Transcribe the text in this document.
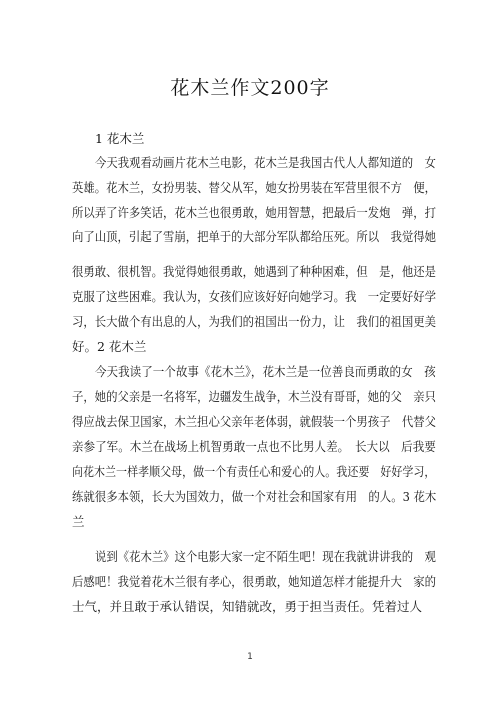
花木兰作文200字
1 花木兰
今天我观看动画片花木兰电影，花木兰是我国古代人人都知道的　女
英雄。花木兰，女扮男装、替父从军，她女扮男装在军营里很不方　便，
所以弄了许多笑话，花木兰也很勇敢，她用智慧，把最后一发炮　弹，打
向了山顶，引起了雪崩，把单于的大部分军队都给压死。所以　我觉得她
很勇敢、很机智。我觉得她很勇敢，她遇到了种种困难，但　是，他还是
克服了这些困难。我认为，女孩们应该好好向她学习。我　一定要好好学
习，长大做个有出息的人，为我们的祖国出一份力，让　我们的祖国更美
好。2 花木兰
今天我读了一个故事《花木兰》，花木兰是一位善良而勇敢的女　孩
子，她的父亲是一名将军，边疆发生战争，木兰没有哥哥，她的父　亲只
得应战去保卫国家，木兰担心父亲年老体弱，就假装一个男孩子　代替父
亲参了军。木兰在战场上机智勇敢一点也不比男人差。　长大以　后我要
向花木兰一样孝顺父母，做一个有责任心和爱心的人。我还要　好好学习，
练就很多本领，长大为国效力，做一个对社会和国家有用　的人。3 花木
兰
说到《花木兰》这个电影大家一定不陌生吧！现在我就讲讲我的　观
后感吧！我觉着花木兰很有孝心，很勇敢，她知道怎样才能提升大　家的
士气，并且敢于承认错误，知错就改，勇于担当责任。凭着过人
1
